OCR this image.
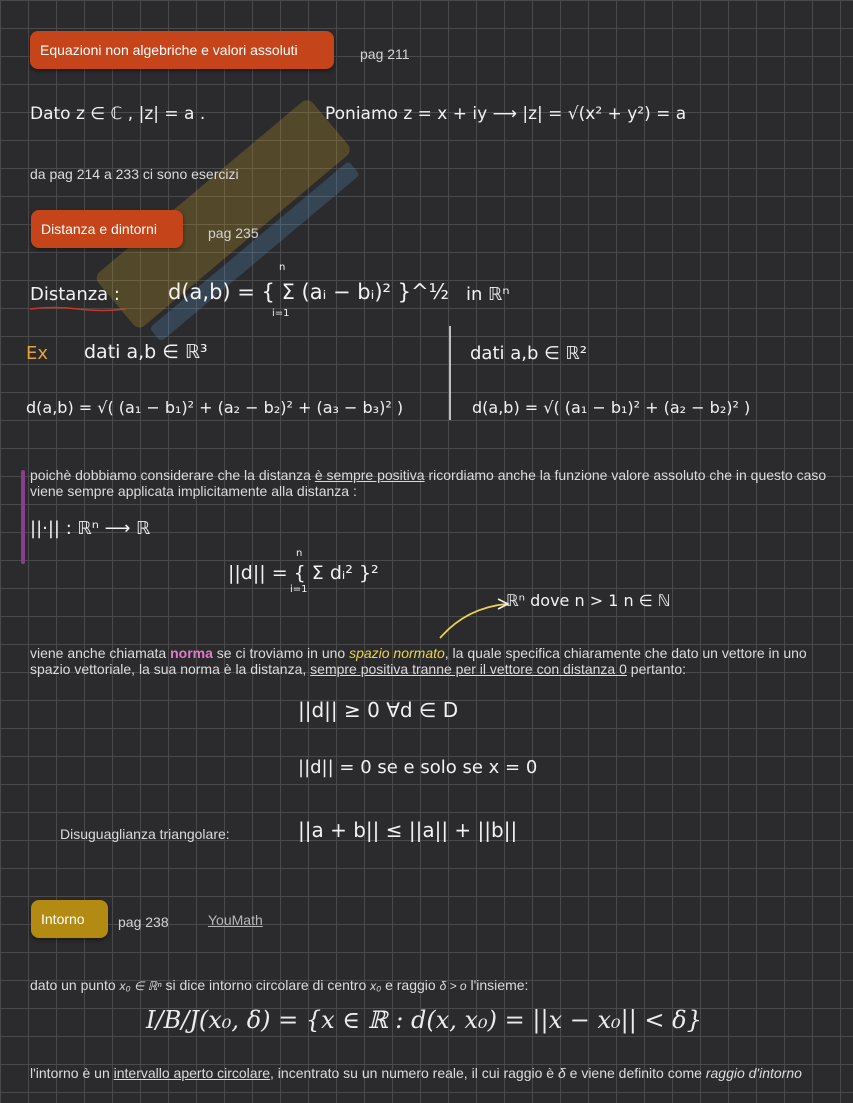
Equazioni non algebriche e valori assoluti	pag 211
Dato z ∈ ℂ , |z| = a .	Poniamo z = x + iy ⟶ |z| = √(x² + y²) = a
da pag 214 a 233 ci sono esercizi
Distanza e dintorni	pag 235
Distanza : d(a,b) = { Σ (aᵢ − bᵢ)² }^½
n
i=1
in ℝⁿ
Ex dati a,b ∈ ℝ³
d(a,b) = √( (a₁ − b₁)² + (a₂ − b₂)² + (a₃ − b₃)² )
dati a,b ∈ ℝ²
d(a,b) = √( (a₁ − b₁)² + (a₂ − b₂)² )
poichè dobbiamo considerare che la distanza è sempre positiva ricordiamo anche la funzione valore assoluto che in questo caso viene sempre applicata implicitamente alla distanza :
||·|| : ℝⁿ ⟶ ℝ
||d|| = { Σ dᵢ² }²
n
i=1
ℝⁿ dove n > 1 n ∈ ℕ
viene anche chiamata norma se ci troviamo in uno spazio normato, la quale specifica chiaramente che dato un vettore in uno spazio vettoriale, la sua norma è la distanza, sempre positiva tranne per il vettore con distanza 0 pertanto:
||d|| ≥ 0 ∀d ∈ D
||d|| = 0 se e solo se x = 0
Disuguaglianza triangolare:	||a + b|| ≤ ||a|| + ||b||
Intorno pag 238	YouMath
dato un punto x₀ ∈ ℝⁿ si dice intorno circolare di centro x₀ e raggio δ > o l'insieme:
I/B/J(x₀, δ) = {x ∈ ℝ : d(x, x₀) = ||x − x₀|| < δ}
l'intorno è un intervallo aperto circolare, incentrato su un numero reale, il cui raggio è δ e viene definito come raggio d'intorno
